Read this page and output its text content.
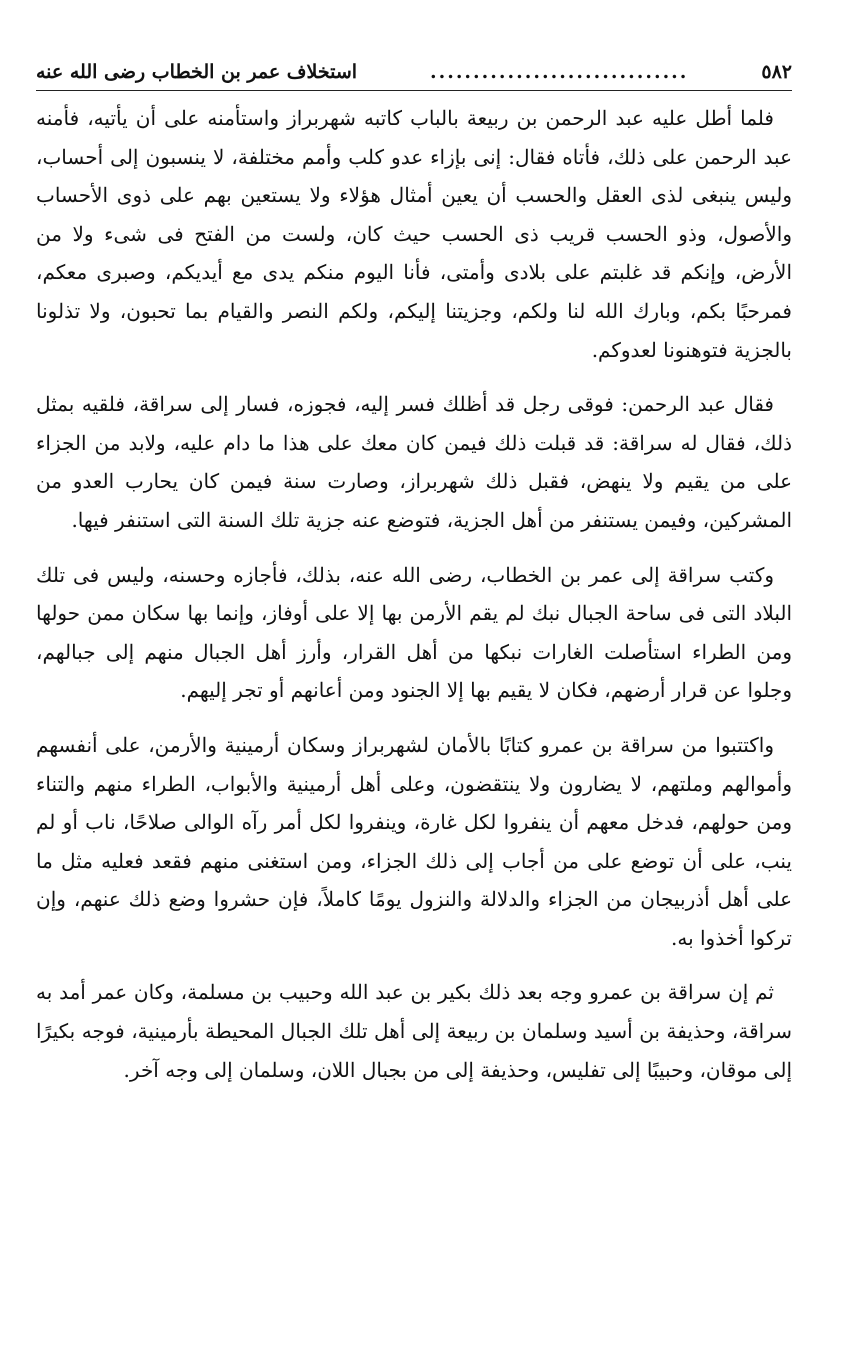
٥٨٢
..............................
استخلاف عمر بن الخطاب رضى الله عنه

فلما أطل عليه عبد الرحمن بن ربيعة بالباب كاتبه شهربراز واستأمنه على أن يأتيه، فأمنه عبد الرحمن على ذلك، فأتاه فقال: إنى بإزاء عدو كلب وأمم مختلفة، لا ينسبون إلى أحساب، وليس ينبغى لذى العقل والحسب أن يعين أمثال هؤلاء ولا يستعين بهم على ذوى الأحساب والأصول، وذو الحسب قريب ذى الحسب حيث كان، ولست من الفتح فى شىء ولا من الأرض، وإنكم قد غلبتم على بلادى وأمتى، فأنا اليوم منكم يدى مع أيديكم، وصبرى معكم، فمرحبًا بكم، وبارك الله لنا ولكم، وجزيتنا إليكم، ولكم النصر والقيام بما تحبون، ولا تذلونا بالجزية فتوهنونا لعدوكم.

فقال عبد الرحمن: فوقى رجل قد أظلك فسر إليه، فجوزه، فسار إلى سراقة، فلقيه بمثل ذلك، فقال له سراقة: قد قبلت ذلك فيمن كان معك على هذا ما دام عليه، ولابد من الجزاء على من يقيم ولا ينهض، فقبل ذلك شهربراز، وصارت سنة فيمن كان يحارب العدو من المشركين، وفيمن يستنفر من أهل الجزية، فتوضع عنه جزية تلك السنة التى استنفر فيها.

وكتب سراقة إلى عمر بن الخطاب، رضى الله عنه، بذلك، فأجازه وحسنه، وليس فى تلك البلاد التى فى ساحة الجبال نبك لم يقم الأرمن بها إلا على أوفاز، وإنما بها سكان ممن حولها ومن الطراء استأصلت الغارات نبكها من أهل القرار، وأرز أهل الجبال منهم إلى جبالهم، وجلوا عن قرار أرضهم، فكان لا يقيم بها إلا الجنود ومن أعانهم أو تجر إليهم.

واكتتبوا من سراقة بن عمرو كتابًا بالأمان لشهربراز وسكان أرمينية والأرمن، على أنفسهم وأموالهم وملتهم، لا يضارون ولا ينتقضون، وعلى أهل أرمينية والأبواب، الطراء منهم والتناء ومن حولهم، فدخل معهم أن ينفروا لكل غارة، وينفروا لكل أمر رآه الوالى صلاحًا، ناب أو لم ينب، على أن توضع على من أجاب إلى ذلك الجزاء، ومن استغنى منهم فقعد فعليه مثل ما على أهل أذربيجان من الجزاء والدلالة والنزول يومًا كاملاً، فإن حشروا وضع ذلك عنهم، وإن تركوا أخذوا به.

ثم إن سراقة بن عمرو وجه بعد ذلك بكير بن عبد الله وحبيب بن مسلمة، وكان عمر أمد به سراقة، وحذيفة بن أسيد وسلمان بن ربيعة إلى أهل تلك الجبال المحيطة بأرمينية، فوجه بكيرًا إلى موقان، وحبيبًا إلى تفليس، وحذيفة إلى من بجبال اللان، وسلمان إلى وجه آخر.
